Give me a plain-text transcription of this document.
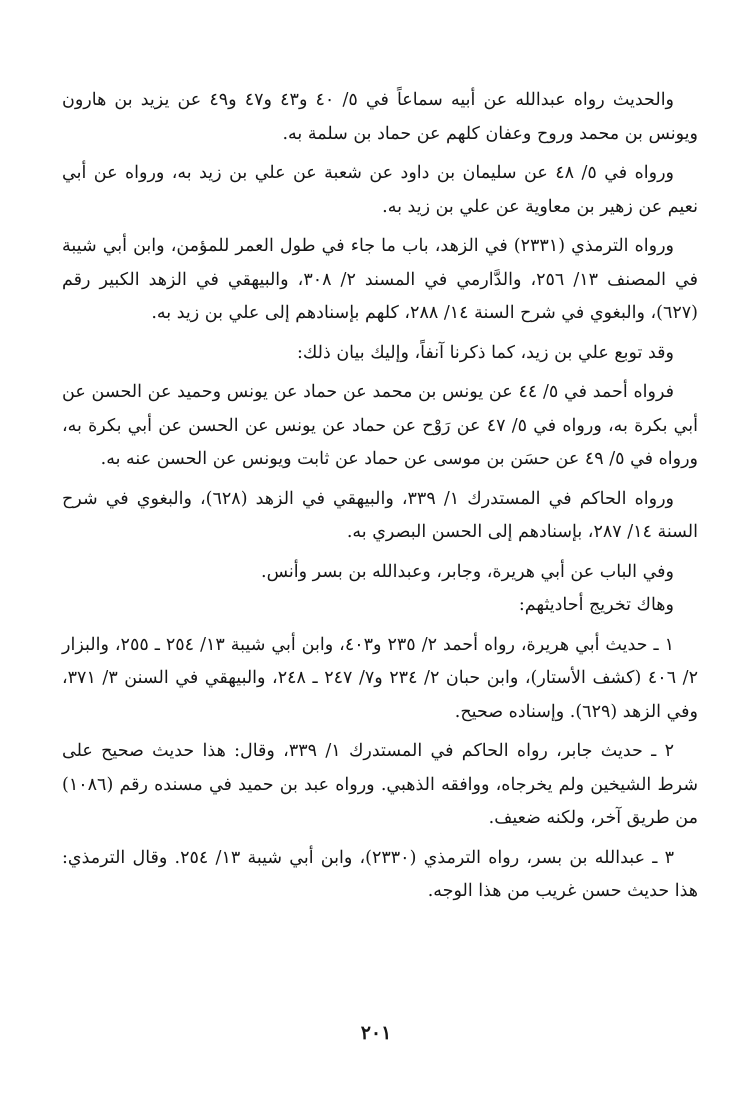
والحديث رواه عبدالله عن أبيه سماعاً في ٥/ ٤٠ و٤٣ و٤٧ و٤٩ عن يزيد بن هارون ويونس بن محمد وروح وعفان كلهم عن حماد بن سلمة به.

ورواه في ٥/ ٤٨ عن سليمان بن داود عن شعبة عن علي بن زيد به، ورواه عن أبي نعيم عن زهير بن معاوية عن علي بن زيد به.

ورواه الترمذي (٢٣٣١) في الزهد، باب ما جاء في طول العمر للمؤمن، وابن أبي شيبة في المصنف ١٣/ ٢٥٦، والدَّارمي في المسند ٢/ ٣٠٨، والبيهقي في الزهد الكبير رقم (٦٢٧)، والبغوي في شرح السنة ١٤/ ٢٨٨، كلهم بإسنادهم إلى علي بن زيد به.

وقد توبع علي بن زيد، كما ذكرنا آنفاً، وإليك بيان ذلك:

فرواه أحمد في ٥/ ٤٤ عن يونس بن محمد عن حماد عن يونس وحميد عن الحسن عن أبي بكرة به، ورواه في ٥/ ٤٧ عن رَوْح عن حماد عن يونس عن الحسن عن أبي بكرة به، ورواه في ٥/ ٤٩ عن حسَن بن موسى عن حماد عن ثابت ويونس عن الحسن عنه به.

ورواه الحاكم في المستدرك ١/ ٣٣٩، والبيهقي في الزهد (٦٢٨)، والبغوي في شرح السنة ١٤/ ٢٨٧، بإسنادهم إلى الحسن البصري به.

وفي الباب عن أبي هريرة، وجابر، وعبدالله بن بسر وأنس.

وهاك تخريج أحاديثهم:

١ ـ حديث أبي هريرة، رواه أحمد ٢/ ٢٣٥ و٤٠٣، وابن أبي شيبة ١٣/ ٢٥٤ ـ ٢٥٥، والبزار ٢/ ٤٠٦ (كشف الأستار)، وابن حبان ٢/ ٢٣٤ و٧/ ٢٤٧ ـ ٢٤٨، والبيهقي في السنن ٣/ ٣٧١، وفي الزهد (٦٢٩). وإسناده صحيح.

٢ ـ حديث جابر، رواه الحاكم في المستدرك ١/ ٣٣٩، وقال: هذا حديث صحيح على شرط الشيخين ولم يخرجاه، ووافقه الذهبي. ورواه عبد بن حميد في مسنده رقم (١٠٨٦) من طريق آخر، ولكنه ضعيف.

٣ ـ عبدالله بن بسر، رواه الترمذي (٢٣٣٠)، وابن أبي شيبة ١٣/ ٢٥٤. وقال الترمذي: هذا حديث حسن غريب من هذا الوجه.

٢٠١
